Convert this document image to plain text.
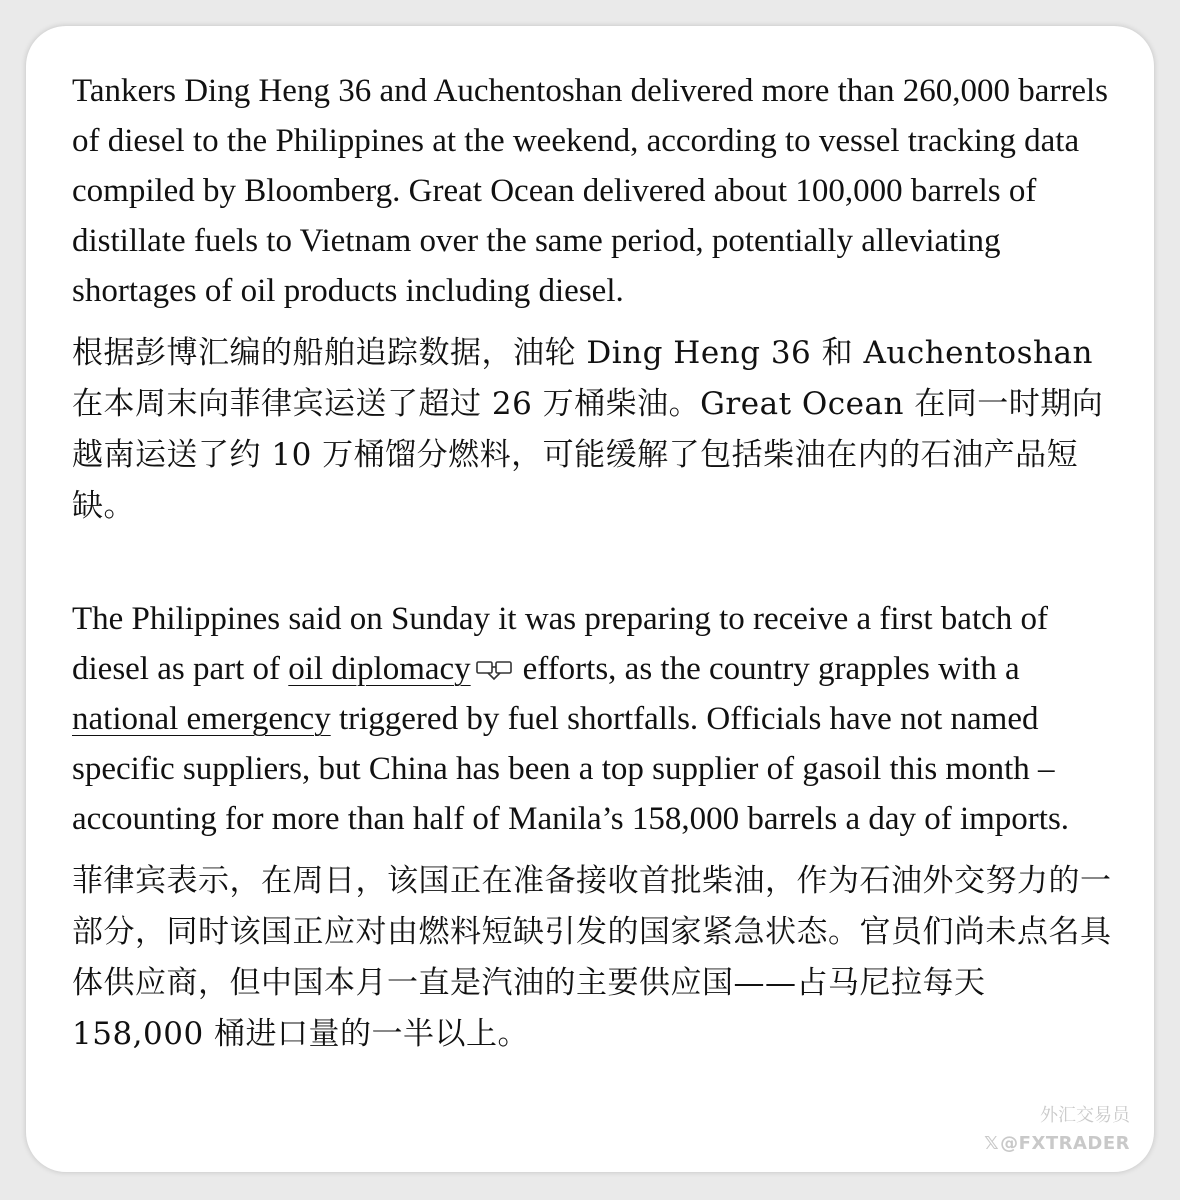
Tankers Ding Heng 36 and Auchentoshan delivered more than 260,000 barrels of diesel to the Philippines at the weekend, according to vessel tracking data compiled by Bloomberg. Great Ocean delivered about 100,000 barrels of distillate fuels to Vietnam over the same period, potentially alleviating shortages of oil products including diesel.

根据彭博汇编的船舶追踪数据，油轮 Ding Heng 36 和 Auchentoshan 在本周末向菲律宾运送了超过 26 万桶柴油。Great Ocean 在同一时期向越南运送了约 10 万桶馏分燃料，可能缓解了包括柴油在内的石油产品短缺。

The Philippines said on Sunday it was preparing to receive a first batch of diesel as part of oil diplomacy efforts, as the country grapples with a national emergency triggered by fuel shortfalls. Officials have not named specific suppliers, but China has been a top supplier of gasoil this month – accounting for more than half of Manila’s 158,000 barrels a day of imports.

菲律宾表示，在周日，该国正在准备接收首批柴油，作为石油外交努力的一部分，同时该国正应对由燃料短缺引发的国家紧急状态。官员们尚未点名具体供应商，但中国本月一直是汽油的主要供应国——占马尼拉每天 158,000 桶进口量的一半以上。

外汇交易员
𝕏@FXTRADER
